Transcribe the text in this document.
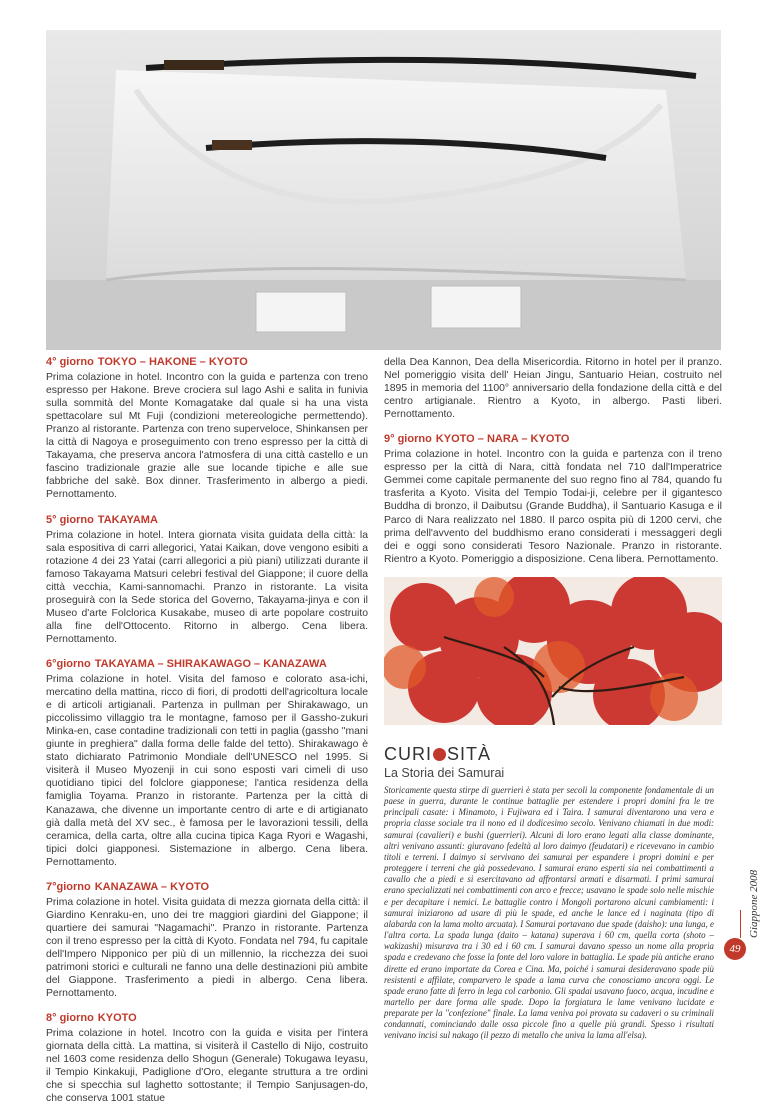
4° giorno TOKYO – HAKONE – KYOTO

Prima colazione in hotel. Incontro con la guida e partenza con treno espresso per Hakone. Breve crociera sul lago Ashi e salita in funivia sulla sommità del Monte Komagatake dal quale si ha una vista spettacolare sul Mt Fuji (condizioni metereologiche permettendo). Pranzo al ristorante. Partenza con treno superveloce, Shinkansen per la città di Nagoya e proseguimento con treno espresso per la città di Takayama, che preserva ancora l'atmosfera di una città castello e un fascino tradizionale grazie alle sue locande tipiche e alle sue fabbriche del sakè. Box dinner. Trasferimento in albergo a piedi. Pernottamento.

5° giorno TAKAYAMA

Prima colazione in hotel. Intera giornata visita guidata della città: la sala espositiva di carri allegorici, Yatai Kaikan, dove vengono esibiti a rotazione 4 dei 23 Yatai (carri allegorici a più piani) utilizzati durante il famoso Takayama Matsuri celebri festival del Giappone; il cuore della città vecchia, Kami-sannomachi. Pranzo in ristorante. La visita proseguirà con la Sede storica del Governo, Takayama-jinya e con il Museo d'arte Folclorica Kusakabe, museo di arte popolare costruito alla fine dell'Ottocento. Ritorno in albergo. Cena libera. Pernottamento.

6°giorno TAKAYAMA – SHIRAKAWAGO – KANAZAWA

Prima colazione in hotel. Visita del famoso e colorato asa-ichi, mercatino della mattina, ricco di fiori, di prodotti dell'agricoltura locale e di articoli artigianali. Partenza in pullman per Shirakawago, un piccolissimo villaggio tra le montagne, famoso per il Gassho-zukuri Minka-en, case contadine tradizionali con tetti in paglia (gassho "mani giunte in preghiera" dalla forma delle falde del tetto). Shirakawago è stato dichiarato Patrimonio Mondiale dell'UNESCO nel 1995. Si visiterà il Museo Myozenji in cui sono esposti vari cimeli di uso quotidiano tipici del folclore giapponese; l'antica residenza della famiglia Toyama. Pranzo in ristorante. Partenza per la città di Kanazawa, che divenne un importante centro di arte e di artigianato già dalla metà del XV sec., è famosa per le lavorazioni tessili, della ceramica, della carta, oltre alla cucina tipica Kaga Ryori e Wagashi, tipici dolci giapponesi. Sistemazione in albergo. Cena libera. Pernottamento.

7°giorno KANAZAWA – KYOTO

Prima colazione in hotel. Visita guidata di mezza giornata della città: il Giardino Kenraku-en, uno dei tre maggiori giardini del Giappone; il quartiere dei samurai "Nagamachi". Pranzo in ristorante. Partenza con il treno espresso per la città di Kyoto. Fondata nel 794, fu capitale dell'Impero Nipponico per più di un millennio, la ricchezza dei suoi patrimoni storici e culturali ne fanno una delle destinazioni più ambite del Giappone. Trasferimento a piedi in albergo. Cena libera. Pernottamento.

8° giorno KYOTO

Prima colazione in hotel. Incotro con la guida e visita per l'intera giornata della città. La mattina, si visiterà il Castello di Nijo, costruito nel 1603 come residenza dello Shogun (Generale) Tokugawa Ieyasu, il Tempio Kinkakuji, Padiglione d'Oro, elegante struttura a tre ordini che si specchia sul laghetto sottostante; il Tempio Sanjusagen-do, che conserva 1001 statue

della Dea Kannon, Dea della Misericordia. Ritorno in hotel per il pranzo. Nel pomeriggio visita dell' Heian Jingu, Santuario Heian, costruito nel 1895 in memoria del 1100° anniversario della fondazione della città e del centro artigianale. Rientro a Kyoto, in albergo. Pasti liberi. Pernottamento.

9° giorno KYOTO – NARA – KYOTO

Prima colazione in hotel. Incontro con la guida e partenza con il treno espresso per la città di Nara, città fondata nel 710 dall'Imperatrice Gemmei come capitale permanente del suo regno fino al 784, quando fu trasferita a Kyoto. Visita del Tempio Todai-ji, celebre per il gigantesco Buddha di bronzo, il Daibutsu (Grande Buddha), il Santuario Kasuga e il Parco di Nara realizzato nel 1880. Il parco ospita più di 1200 cervi, che prima dell'avvento del buddhismo erano considerati i messaggeri degli dei e oggi sono considerati Tesoro Nazionale. Pranzo in ristorante. Rientro a Kyoto. Pomeriggio a disposizione. Cena libera. Pernottamento.

CURI SITÀ
La Storia dei Samurai
Storicamente questa stirpe di guerrieri è stata per secoli la componente fondamentale di un paese in guerra, durante le continue battaglie per estendere i propri domini fra le tre principali casate: i Minamoto, i Fujiwara ed i Taira. I samurai diventarono una vera e propria classe sociale tra il nono ed il dodicesimo secolo. Venivano chiamati in due modi: samurai (cavalieri) e bushi (guerrieri). Alcuni di loro erano legati alla classe dominante, altri venivano assunti: giuravano fedeltà al loro daimyo (feudatari) e ricevevano in cambio titoli e terreni. I daimyo si servivano dei samurai per espandere i propri domini e per proteggere i terreni che già possedevano. I samurai erano esperti sia nei combattimenti a cavallo che a piedi e si esercitavano ad affrontarsi armati e disarmati. I primi samurai erano specializzati nei combattimenti con arco e frecce; usavano le spade solo nelle mischie e per decapitare i nemici. Le battaglie contro i Mongoli portarono alcuni cambiamenti: i samurai iniziarono ad usare di più le spade, ed anche le lance ed i naginata (tipo di alabarda con la lama molto arcuata). I Samurai portavano due spade (daisho): una lunga, e l'altra corta. La spada lunga (daito – katana) superava i 60 cm, quella corta (shoto – wakizashi) misurava tra i 30 ed i 60 cm. I samurai davano spesso un nome alla propria spada e credevano che fosse la fonte del loro valore in battaglia. Le spade più antiche erano dirette ed erano importate da Corea e Cina. Ma, poiché i samurai desideravano spade più resistenti e affilate, comparvero le spade a lama curva che conosciamo ancora oggi. Le spade erano fatte di ferro in lega col carbonio. Gli spadai usavano fuoco, acqua, incudine e martello per dare forma alle spade. Dopo la forgiatura le lame venivano lucidate e preparate per la "confezione" finale. La lama veniva poi provata su cadaveri o su criminali condannati, cominciando dalle ossa piccole fino a quelle più grandi. Spesso i risultati venivano incisi sul nakago (il pezzo di metallo che univa la lama all'elsa).
Giappone 2008
49
